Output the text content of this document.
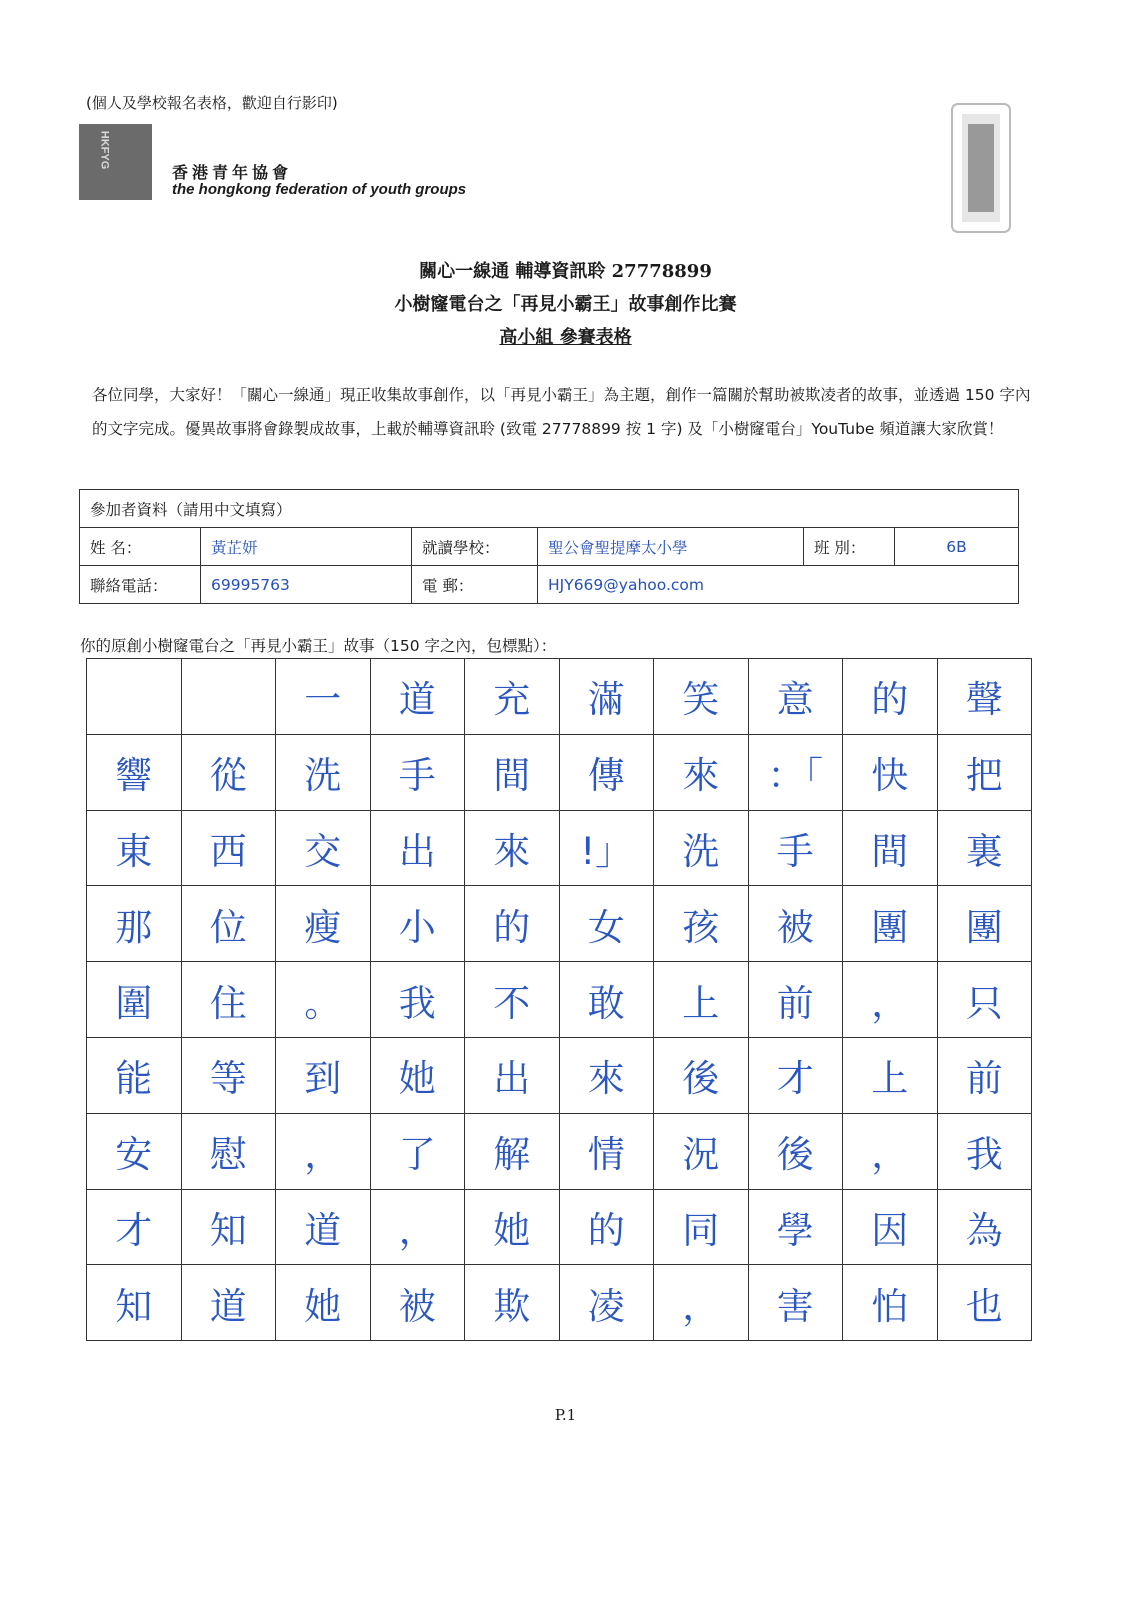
(個人及學校報名表格，歡迎自行影印)
HKFYG
香港青年協會
the hongkong federation of youth groups
關心一線通 輔導資訊聆 27778899
小樹窿電台之「再見小霸王」故事創作比賽
高小組 參賽表格
各位同學，大家好！「關心一線通」現正收集故事創作，以「再見小霸王」為主題，創作一篇關於幫助被欺凌者的故事，並透過 150 字內的文字完成。優異故事將會錄製成故事，上載於輔導資訊聆 (致電 27778899 按 1 字) 及「小樹窿電台」YouTube 頻道讓大家欣賞！
參加者資料（請用中文填寫）					
姓 名：	黃芷妍	就讀學校：	聖公會聖提摩太小學	班 別：	6B
聯絡電話：	69995763	電 郵：	HJY669@yahoo.com		
你的原創小樹窿電台之「再見小霸王」故事（150 字之內，包標點）：
		一	道	充	滿	笑	意	的	聲
響	從	洗	手	間	傳	來	：「	快	把
東	西	交	出	來	!」	洗	手	間	裏
那	位	瘦	小	的	女	孩	被	團	團
圍	住	。	我	不	敢	上	前	，	只
能	等	到	她	出	來	後	才	上	前
安	慰	，	了	解	情	況	後	，	我
才	知	道	，	她	的	同	學	因	為
知	道	她	被	欺	凌	，	害	怕	也
P.1
